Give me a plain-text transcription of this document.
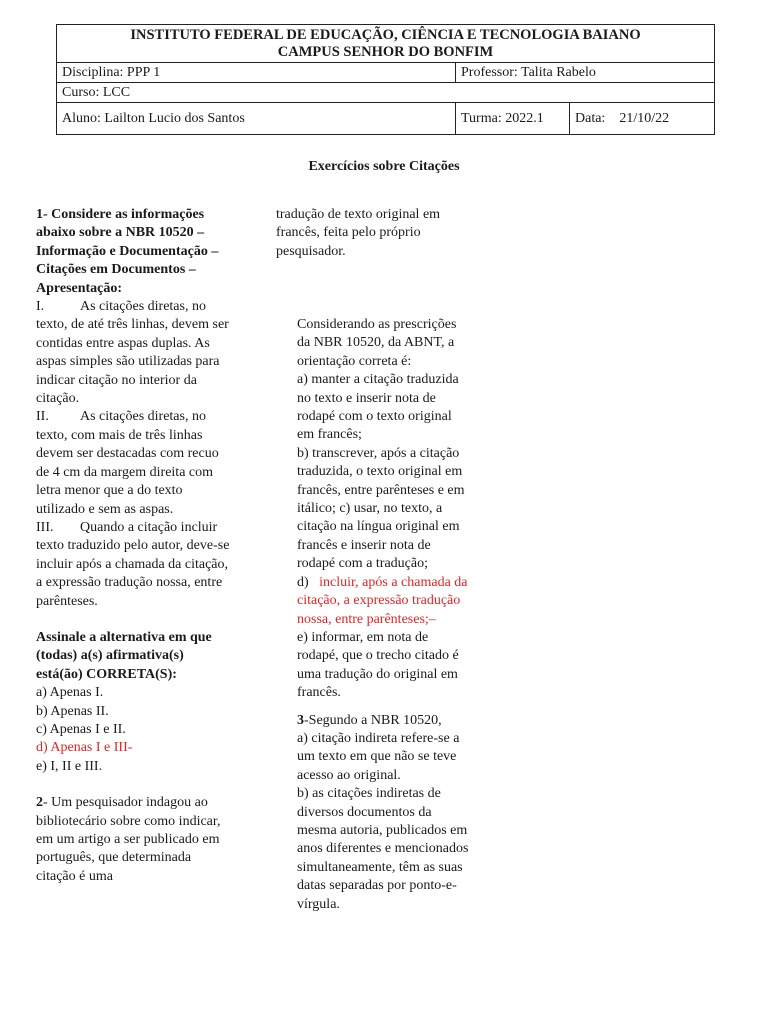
INSTITUTO FEDERAL DE EDUCAÇÃO, CIÊNCIA E TECNOLOGIA BAIANO
CAMPUS SENHOR DO BONFIM		

Disciplina: PPP 1	Professor: Talita Rabelo	
Curso: LCC		
Aluno: Lailton Lucio dos Santos	Turma: 2022.1	Data: 21/10/22
Exercícios sobre Citações

1- Considere as informações abaixo sobre a NBR 10520 – Informação e Documentação – Citações em Documentos – Apresentação:

I.	As citações diretas, no texto, de até três linhas, devem ser contidas entre aspas duplas. As aspas simples são utilizadas para indicar citação no interior da citação.

II. As citações diretas, no texto, com mais de três linhas devem ser destacadas com recuo de 4 cm da margem direita com letra menor que a do texto utilizado e sem as aspas.

III. Quando a citação incluir texto traduzido pelo autor, deve-se incluir após a chamada da citação, a expressão tradução nossa, entre parênteses.

Assinale a alternativa em que (todas) a(s) afirmativa(s) está(ão) CORRETA(S):

a) Apenas I.

b) Apenas II.

c) Apenas I e II.

d) Apenas I e III-

e) I, II e III.

2- Um pesquisador indagou ao bibliotecário sobre como indicar, em um artigo a ser publicado em português, que determinada citação é uma

tradução de texto original em francês, feita pelo próprio pesquisador.

Considerando as prescrições da NBR 10520, da ABNT, a orientação correta é:

a) manter a citação traduzida no texto e inserir nota de rodapé com o texto original em francês;

b) transcrever, após a citação traduzida, o texto original em francês, entre parênteses e em itálico; c) usar, no texto, a citação na língua original em francês e inserir nota de rodapé com a tradução;

d) incluir, após a chamada da citação, a expressão tradução nossa, entre parênteses;–

e) informar, em nota de rodapé, que o trecho citado é uma tradução do original em francês.

3-Segundo a NBR 10520,

a) citação indireta refere-se a um texto em que não se teve acesso ao original.

b) as citações indiretas de diversos documentos da mesma autoria, publicados em anos diferentes e mencionados simultaneamente, têm as suas datas separadas por ponto-e-vírgula.
